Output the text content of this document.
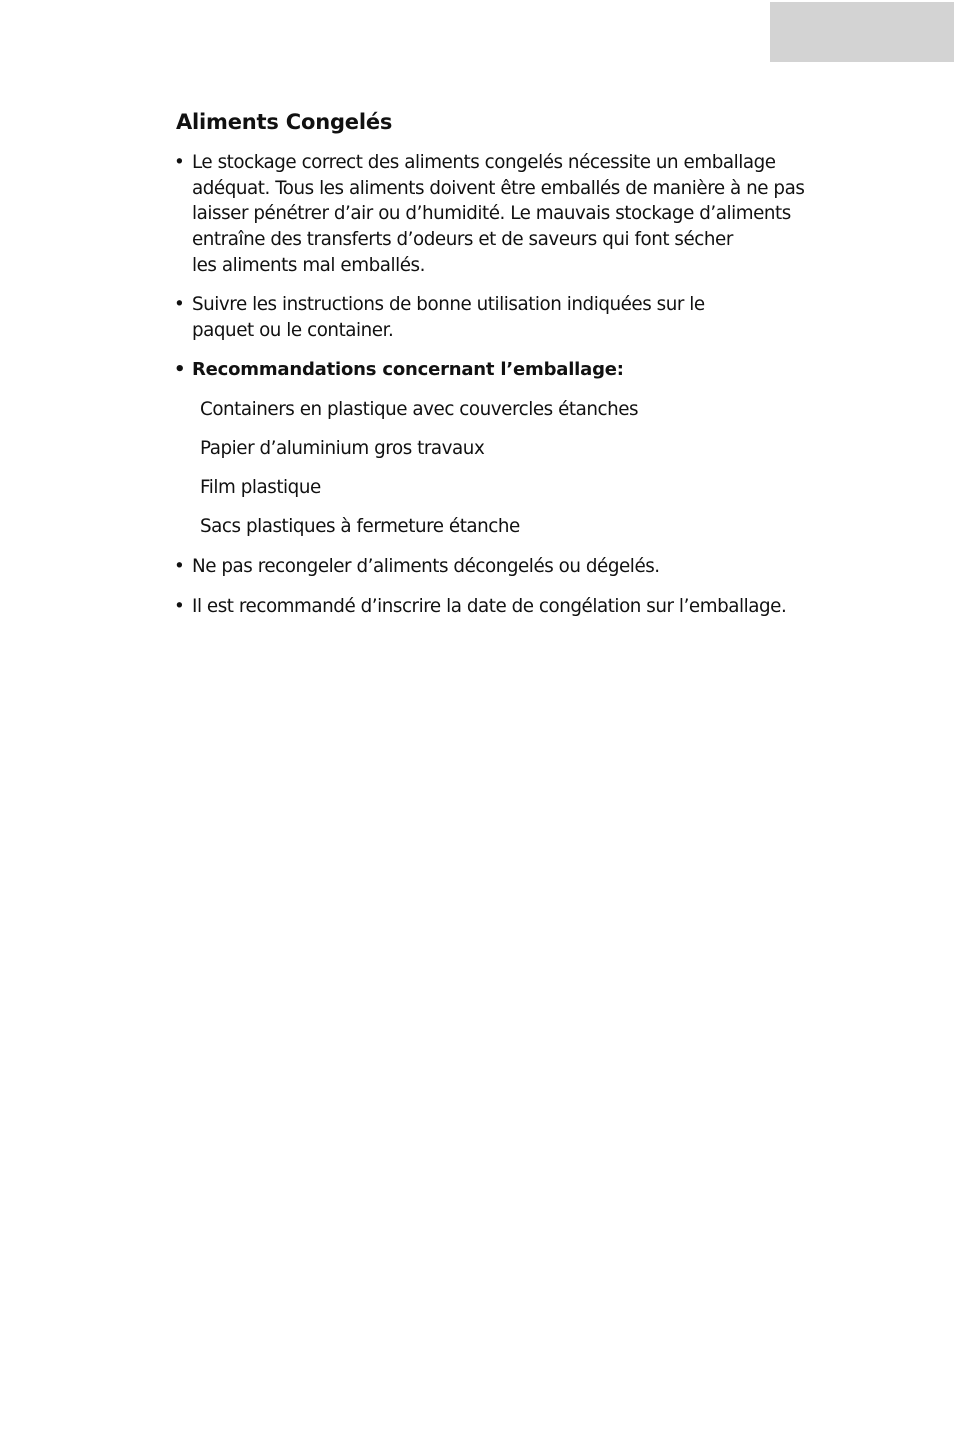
Aliments Congelés
• Le stockage correct des aliments congelés nécessite un emballage
adéquat. Tous les aliments doivent être emballés de manière à ne pas
laisser pénétrer d’air ou d’humidité. Le mauvais stockage d’aliments
entraîne des transferts d’odeurs et de saveurs qui font sécher
les aliments mal emballés.
• Suivre les instructions de bonne utilisation indiquées sur le
paquet ou le container.
• Recommandations concernant l’emballage:
Containers en plastique avec couvercles étanches
Papier d’aluminium gros travaux
Film plastique
Sacs plastiques à fermeture étanche
• Ne pas recongeler d’aliments décongelés ou dégelés.
• Il est recommandé d’inscrire la date de congélation sur l’emballage.
